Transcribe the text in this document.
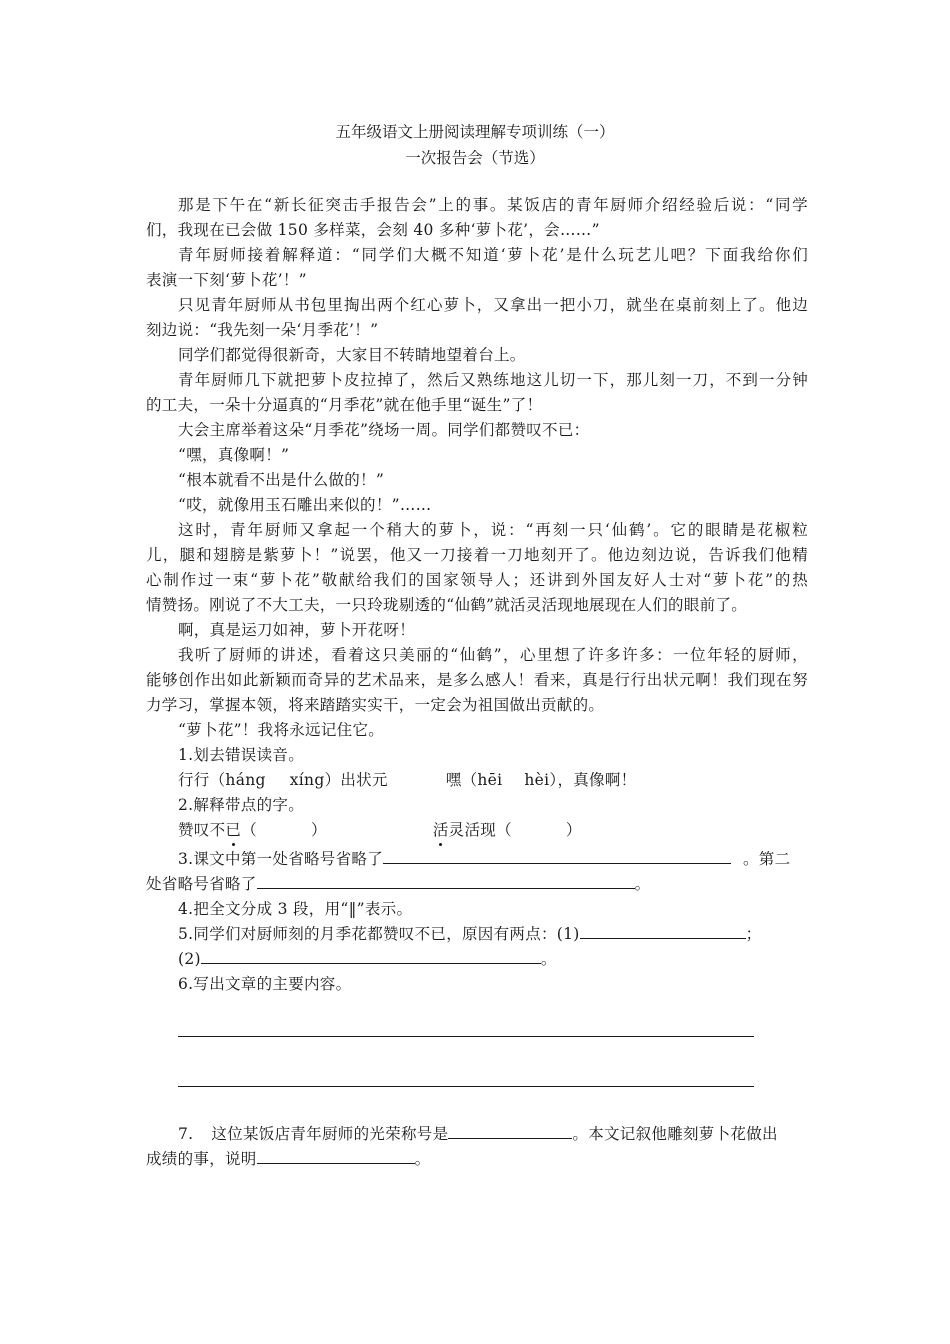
五年级语文上册阅读理解专项训练（一）
一次报告会（节选）
那是下午在“新长征突击手报告会”上的事。某饭店的青年厨师介绍经验后说：“同学
们，我现在已会做 150 多样菜，会刻 40 多种‘萝卜花’，会……”
青年厨师接着解释道：“同学们大概不知道‘萝卜花’是什么玩艺儿吧？下面我给你们
表演一下刻‘萝卜花’！”
只见青年厨师从书包里掏出两个红心萝卜，又拿出一把小刀，就坐在桌前刻上了。他边
刻边说：“我先刻一朵‘月季花’！”
同学们都觉得很新奇，大家目不转睛地望着台上。
青年厨师几下就把萝卜皮拉掉了，然后又熟练地这儿切一下，那儿刻一刀，不到一分钟
的工夫，一朵十分逼真的“月季花”就在他手里“诞生”了！
大会主席举着这朵“月季花”绕场一周。同学们都赞叹不已：
“嘿，真像啊！”
“根本就看不出是什么做的！”
“哎，就像用玉石雕出来似的！”……
这时，青年厨师又拿起一个稍大的萝卜，说：“再刻一只‘仙鹤’。它的眼睛是花椒粒
儿，腿和翅膀是紫萝卜！”说罢，他又一刀接着一刀地刻开了。他边刻边说，告诉我们他精
心制作过一束“萝卜花”敬献给我们的国家领导人；还讲到外国友好人士对“萝卜花”的热
情赞扬。刚说了不大工夫，一只玲珑剔透的“仙鹤”就活灵活现地展现在人们的眼前了。
啊，真是运刀如神，萝卜开花呀！
我听了厨师的讲述，看着这只美丽的“仙鹤”，心里想了许多许多：一位年轻的厨师，
能够创作出如此新颖而奇异的艺术品来，是多么感人！看来，真是行行出状元啊！我们现在努
力学习，掌握本领，将来踏踏实实干，一定会为祖国做出贡献的。
“萝卜花”！我将永远记住它。
1.划去错误读音。
行行（háng xíng）出状元	嘿（hēi hèi），真像啊！
2.解释带点的字。
赞叹不已（	）	活灵活现（	）
3.课文中第一处省略号省略了	。第二
处省略号省略了	。
4.把全文分成 3 段，用“‖”表示。
5.同学们对厨师刻的月季花都赞叹不已，原因有两点：(1)	；
(2)	。
6.写出文章的主要内容。
7. 这位某饭店青年厨师的光荣称号是	。本文记叙他雕刻萝卜花做出
成绩的事，说明	。
